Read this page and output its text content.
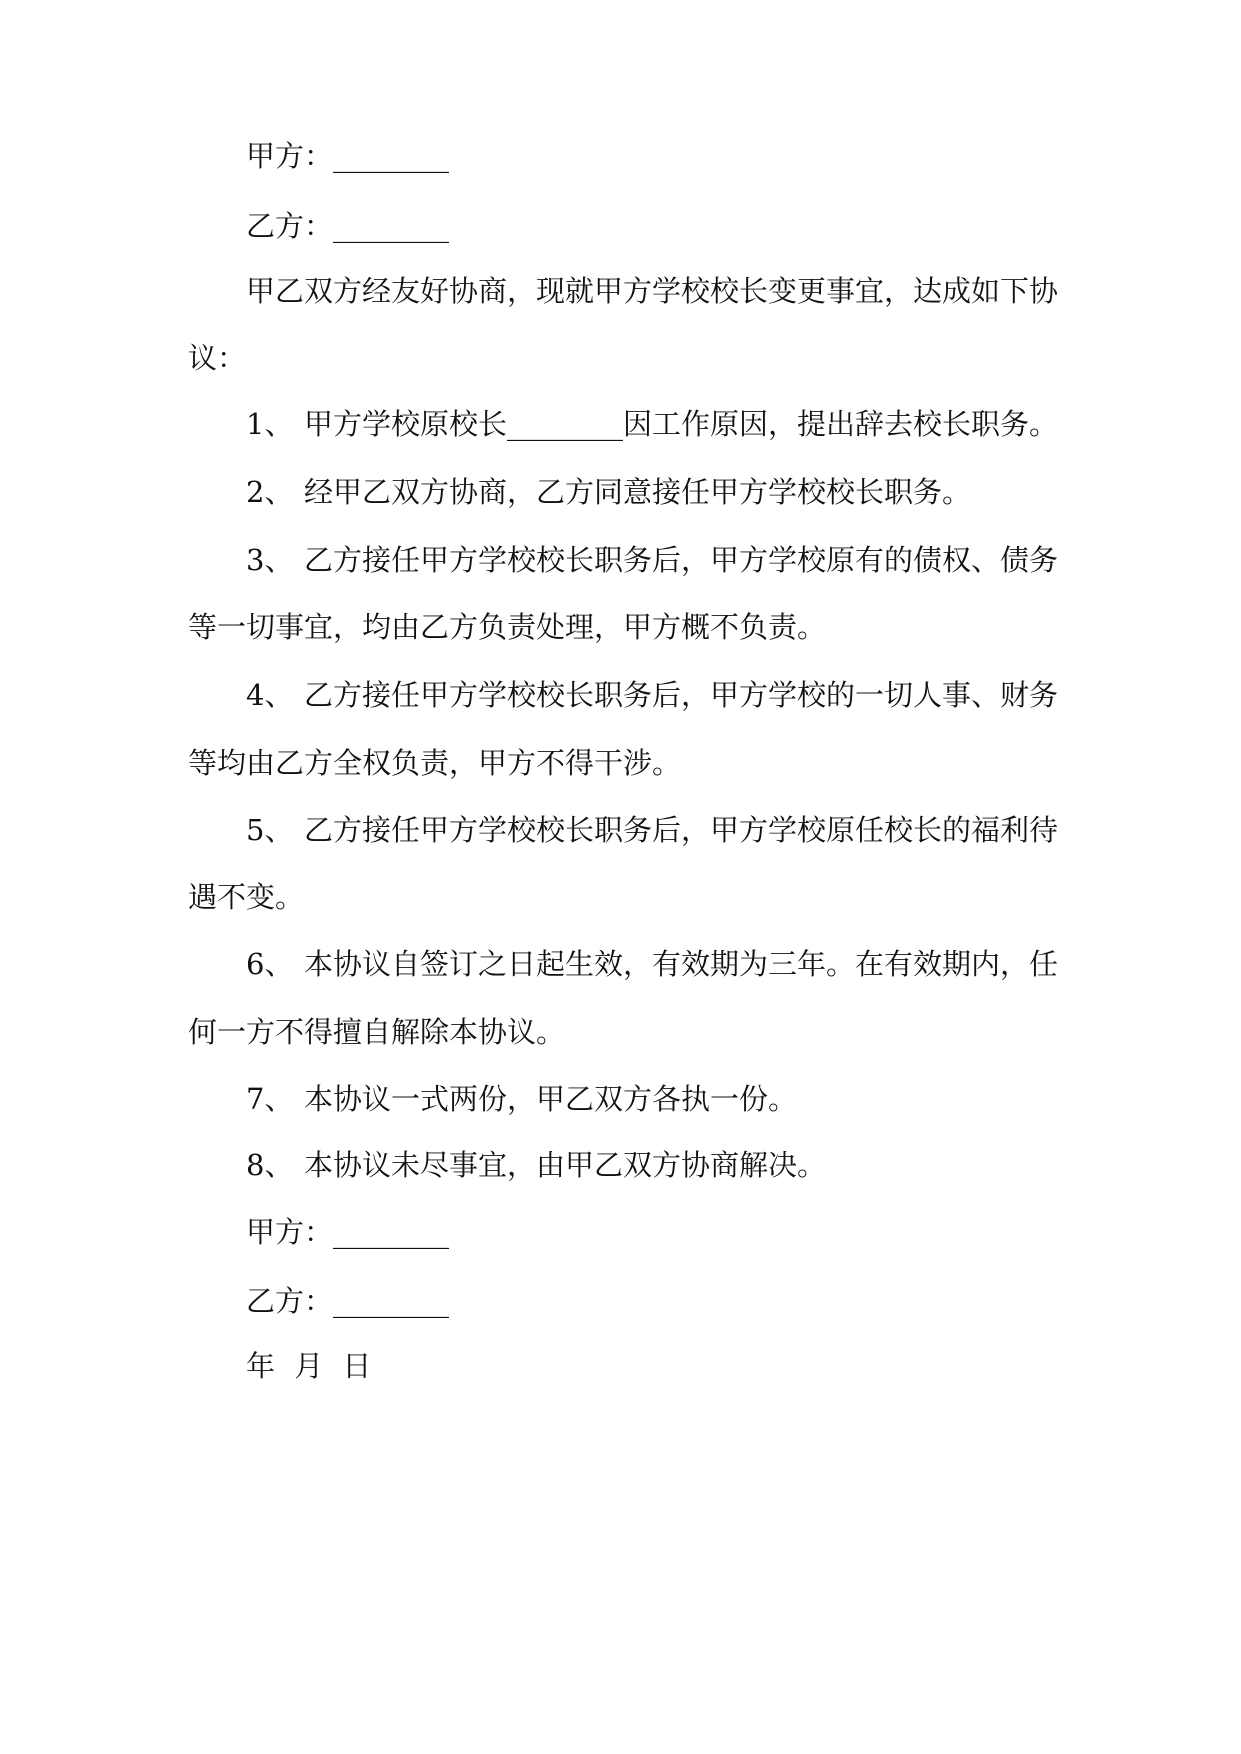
甲方：________
乙方：________
甲乙双方经友好协商，现就甲方学校校长变更事宜，达成如下协
议：
1、 甲方学校原校长________因工作原因，提出辞去校长职务。
2、 经甲乙双方协商，乙方同意接任甲方学校校长职务。
3、 乙方接任甲方学校校长职务后，甲方学校原有的债权、债务
等一切事宜，均由乙方负责处理，甲方概不负责。
4、 乙方接任甲方学校校长职务后，甲方学校的一切人事、财务
等均由乙方全权负责，甲方不得干涉。
5、 乙方接任甲方学校校长职务后，甲方学校原任校长的福利待
遇不变。
6、 本协议自签订之日起生效，有效期为三年。在有效期内，任
何一方不得擅自解除本协议。
7、 本协议一式两份，甲乙双方各执一份。
8、 本协议未尽事宜，由甲乙双方协商解决。
甲方：________
乙方：________
年 月 日
